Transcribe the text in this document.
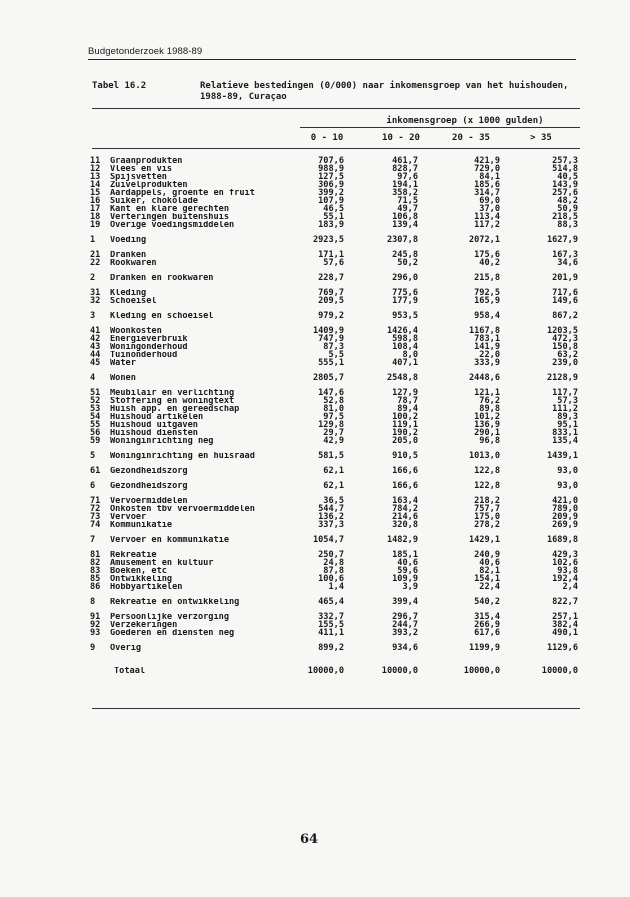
Budgetonderzoek 1988-89
Tabel 16.2	Relatieve bestedingen (0/000) naar inkomensgroep van het huishouden, 1988-89, Curaçao
inkomensgroep (x 1000 gulden)
0 - 10	10 - 20	20 - 35	> 35
11	Graanprodukten	707,6	461,7	421,9	257,3
12	Vlees en vis	988,9	828,7	729,0	514,8
13	Spijsvetten	127,5	97,6	84,1	40,5
14	Zuivelprodukten	306,9	194,1	185,6	143,9
15	Aardappels, groente en fruit	399,2	358,2	314,7	257,6
16	Suiker, chokolade	107,9	71,5	69,0	48,2
17	Kant en klare gerechten	46,5	49,7	37,0	50,9
18	Verteringen buitenshuis	55,1	106,8	113,4	218,5
19	Overige voedingsmiddelen	183,9	139,4	117,2	88,3
1	Voeding	2923,5	2307,8	2072,1	1627,9
21	Dranken	171,1	245,8	175,6	167,3
22	Rookwaren	57,6	50,2	40,2	34,6
2	Dranken en rookwaren	228,7	296,0	215,8	201,9
31	Kleding	769,7	775,6	792,5	717,6
32	Schoeisel	209,5	177,9	165,9	149,6
3	Kleding en schoeisel	979,2	953,5	958,4	867,2
41	Woonkosten	1409,9	1426,4	1167,8	1203,5
42	Energieverbruik	747,9	598,8	783,1	472,3
43	Woningonderhoud	87,3	108,4	141,9	150,8
44	Tuinonderhoud	5,5	8,0	22,0	63,2
45	Water	555,1	407,1	333,9	239,0
4	Wonen	2805,7	2548,8	2448,6	2128,9
51	Meubilair en verlichting	147,6	127,9	121,1	117,7
52	Stoffering en woningtext	52,8	78,7	76,2	57,3
53	Huish app. en gereedschap	81,0	89,4	89,8	111,2
54	Huishoud artikelen	97,5	100,2	101,2	89,3
55	Huishoud uitgaven	129,8	119,1	136,9	95,1
56	Huishoud diensten	29,7	190,2	290,1	833,1
59	Woninginrichting neg	42,9	205,0	96,8	135,4
5	Woninginrichting en huisraad	581,5	910,5	1013,0	1439,1
61	Gezondheidszorg	62,1	166,6	122,8	93,0
6	Gezondheidszorg	62,1	166,6	122,8	93,0
71	Vervoermiddelen	36,5	163,4	218,2	421,0
72	Onkosten tbv vervoermiddelen	544,7	784,2	757,7	789,0
73	Vervoer	136,2	214,6	175,0	209,9
74	Kommunikatie	337,3	320,8	278,2	269,9
7	Vervoer en kommunikatie	1054,7	1482,9	1429,1	1689,8
81	Rekreatie	250,7	185,1	240,9	429,3
82	Amusement en kultuur	24,8	40,6	40,6	102,6
83	Boeken, etc	87,8	59,6	82,1	93,8
85	Ontwikkeling	100,6	109,9	154,1	192,4
86	Hobbyartikelen	1,4	3,9	22,4	2,4
8	Rekreatie en ontwikkeling	465,4	399,4	540,2	822,7
91	Persoonlijke verzorging	332,7	296,7	315,4	257,1
92	Verzekeringen	155,5	244,7	266,9	382,4
93	Goederen en diensten neg	411,1	393,2	617,6	490,1
9	Overig	899,2	934,6	1199,9	1129,6
Totaal	10000,0	10000,0	10000,0	10000,0
64
